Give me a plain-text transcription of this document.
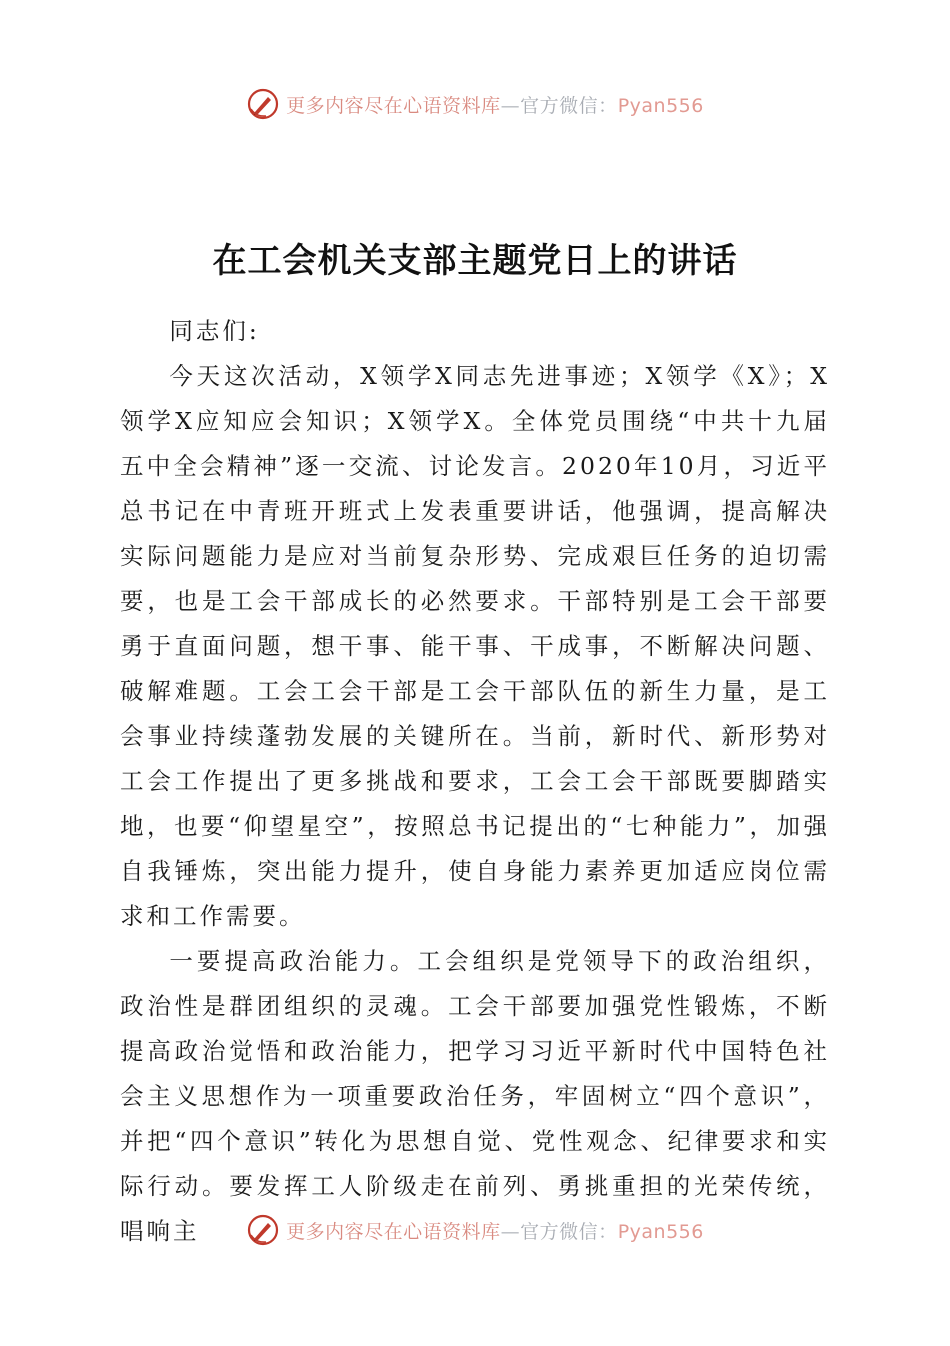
更多内容尽在心语资料库—官方微信：Pyan556
在工会机关支部主题党日上的讲话

同志们:

今天这次活动，X领学X同志先进事迹；X领学《X》；X领学X应知应会知识；X领学X。全体党员围绕“中共十九届五中全会精神”逐一交流、讨论发言。2020年10月，习近平总书记在中青班开班式上发表重要讲话，他强调，提高解决实际问题能力是应对当前复杂形势、完成艰巨任务的迫切需要，也是工会干部成长的必然要求。干部特别是工会干部要勇于直面问题，想干事、能干事、干成事，不断解决问题、破解难题。工会工会干部是工会干部队伍的新生力量，是工会事业持续蓬勃发展的关键所在。当前，新时代、新形势对工会工作提出了更多挑战和要求，工会工会干部既要脚踏实地，也要“仰望星空”，按照总书记提出的“七种能力”，加强自我锤炼，突出能力提升，使自身能力素养更加适应岗位需求和工作需要。

一要提高政治能力。工会组织是党领导下的政治组织，政治性是群团组织的灵魂。工会干部要加强党性锻炼，不断提高政治觉悟和政治能力，把学习习近平新时代中国特色社会主义思想作为一项重要政治任务，牢固树立“四个意识”，并把“四个意识”转化为思想自觉、党性观念、纪律要求和实际行动。要发挥工人阶级走在前列、勇挑重担的光荣传统，唱响主	更多内容尽在心语资料库—官方微信：Pyan556
